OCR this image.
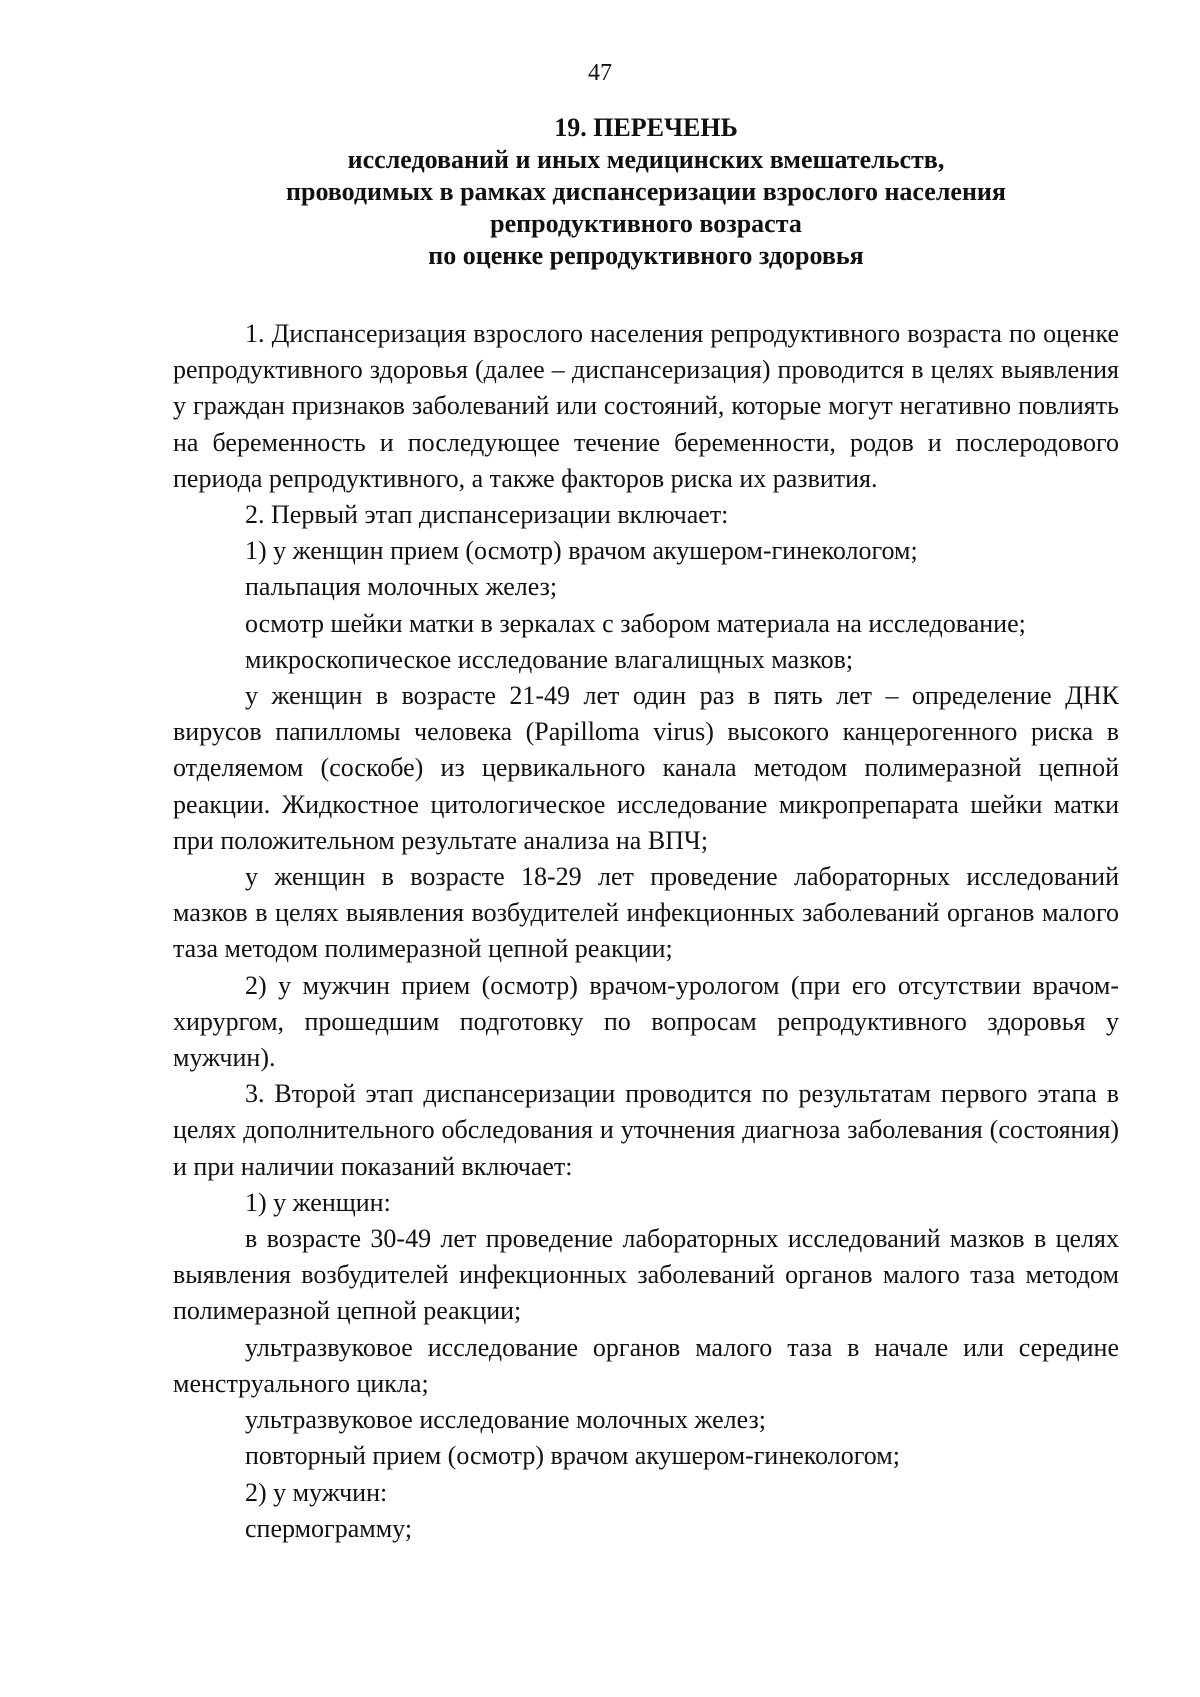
47
19. ПЕРЕЧЕНЬ
исследований и иных медицинских вмешательств,
проводимых в рамках диспансеризации взрослого населения
репродуктивного возраста
по оценке репродуктивного здоровья

1. Диспансеризация взрослого населения репродуктивного возраста по оценке репродуктивного здоровья (далее – диспансеризация) проводится в целях выявления у граждан признаков заболеваний или состояний, которые могут негативно повлиять на беременность и последующее течение беременности, родов и послеродового периода репродуктивного, а также факторов риска их развития.

2. Первый этап диспансеризации включает:

1) у женщин прием (осмотр) врачом акушером-гинекологом;

пальпация молочных желез;

осмотр шейки матки в зеркалах с забором материала на исследование;

микроскопическое исследование влагалищных мазков;

у женщин в возрасте 21-49 лет один раз в пять лет – определение ДНК вирусов папилломы человека (Papilloma virus) высокого канцерогенного риска в отделяемом (соскобе) из цервикального канала методом полимеразной цепной реакции. Жидкостное цитологическое исследование микропрепарата шейки матки при положительном результате анализа на ВПЧ;

у женщин в возрасте 18-29 лет проведение лабораторных исследований мазков в целях выявления возбудителей инфекционных заболеваний органов малого таза методом полимеразной цепной реакции;

2) у мужчин прием (осмотр) врачом-урологом (при его отсутствии врачом-хирургом, прошедшим подготовку по вопросам репродуктивного здоровья у мужчин).

3. Второй этап диспансеризации проводится по результатам первого этапа в целях дополнительного обследования и уточнения диагноза заболевания (состояния) и при наличии показаний включает:

1) у женщин:

в возрасте 30-49 лет проведение лабораторных исследований мазков в целях выявления возбудителей инфекционных заболеваний органов малого таза методом полимеразной цепной реакции;

ультразвуковое исследование органов малого таза в начале или середине менструального цикла;

ультразвуковое исследование молочных желез;

повторный прием (осмотр) врачом акушером-гинекологом;

2) у мужчин:

спермограмму;
